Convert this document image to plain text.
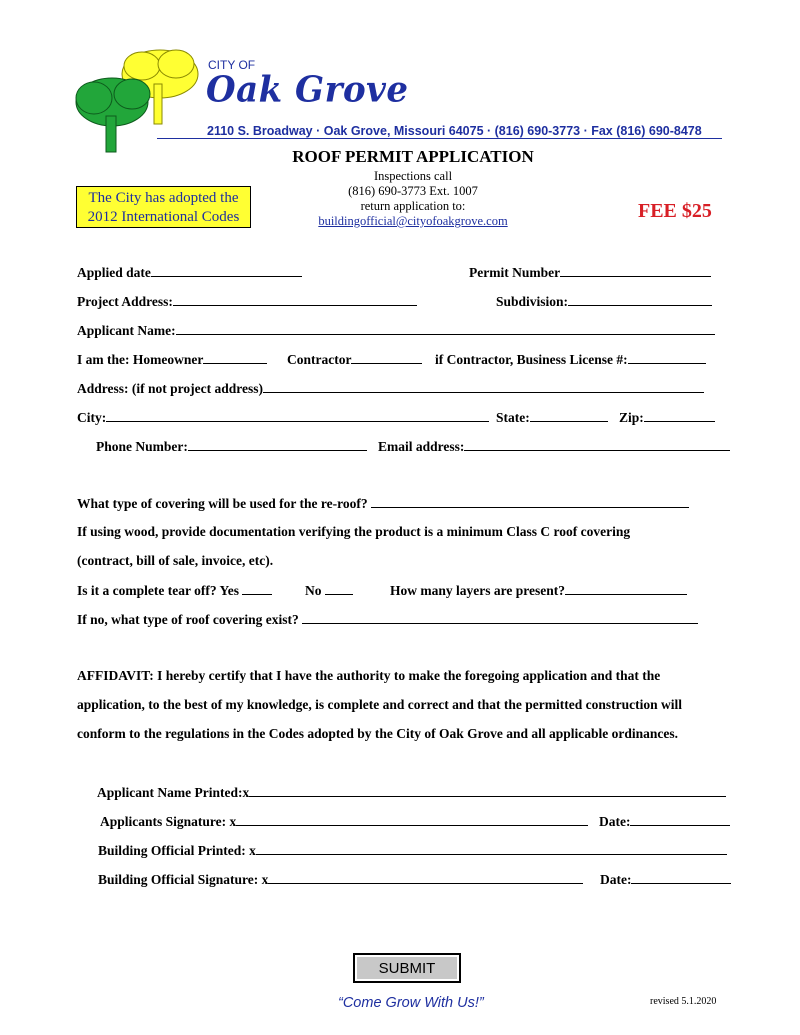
CITY OF
Oak Grove
2110 S. Broadway · Oak Grove, Missouri 64075 · (816) 690-3773 · Fax (816) 690-8478
ROOF PERMIT APPLICATION
Inspections call
(816) 690-3773 Ext. 1007
return application to:
buildingofficial@cityofoakgrove.com
The City has adopted the
2012 International Codes	FEE $25
Applied date	Permit Number
Project Address:	Subdivision:
Applicant Name:
I am the: Homeowner	Contractor	if Contractor, Business License #:
Address: (if not project address)
City:	State:	Zip:
Phone Number:	Email address:
What type of covering will be used for the re-roof?
If using wood, provide documentation verifying the product is a minimum Class C roof covering
(contract, bill of sale, invoice, etc).
Is it a complete tear off? Yes	No	How many layers are present?
If no, what type of roof covering exist?
AFFIDAVIT: I hereby certify that I have the authority to make the foregoing application and that the
application, to the best of my knowledge, is complete and correct and that the permitted construction will
conform to the regulations in the Codes adopted by the City of Oak Grove and all applicable ordinances.
Applicant Name Printed:x
Applicants Signature: x	Date:
Building Official Printed: x
Building Official Signature: x	Date:
SUBMIT
“Come Grow With Us!”	revised 5.1.2020
